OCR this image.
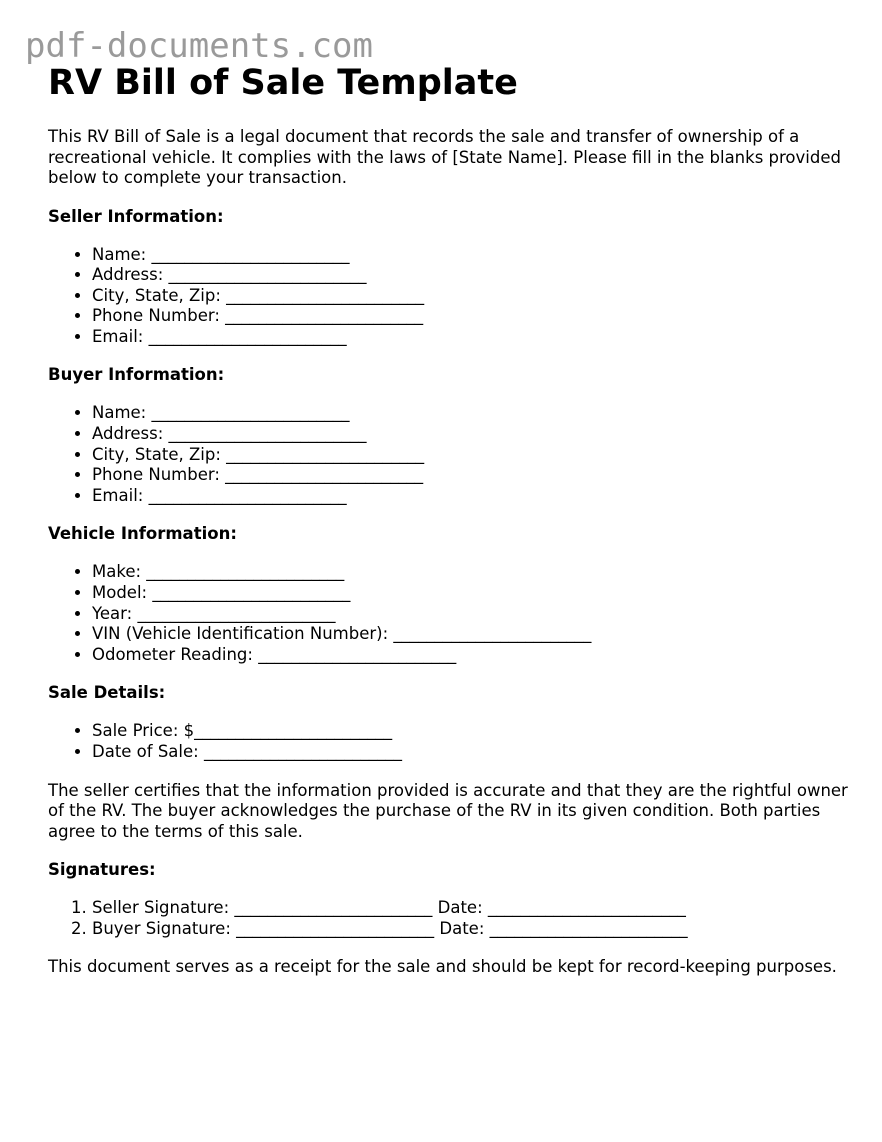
pdf-documents.com
RV Bill of Sale Template

This RV Bill of Sale is a legal document that records the sale and transfer of ownership of a recreational vehicle. It complies with the laws of [State Name]. Please fill in the blanks provided below to complete your transaction.

Seller Information:
• Name: ________________________
• Address: ________________________
• City, State, Zip: ________________________
• Phone Number: ________________________
• Email: ________________________
Buyer Information:
• Name: ________________________
• Address: ________________________
• City, State, Zip: ________________________
• Phone Number: ________________________
• Email: ________________________
Vehicle Information:
• Make: ________________________
• Model: ________________________
• Year: ________________________
• VIN (Vehicle Identification Number): ________________________
• Odometer Reading: ________________________
Sale Details:
• Sale Price: $________________________
• Date of Sale: ________________________

The seller certifies that the information provided is accurate and that they are the rightful owner of the RV. The buyer acknowledges the purchase of the RV in its given condition. Both parties agree to the terms of this sale.

Signatures:
1. Seller Signature: ________________________ Date: ________________________
2. Buyer Signature: ________________________ Date: ________________________

This document serves as a receipt for the sale and should be kept for record-keeping purposes.
